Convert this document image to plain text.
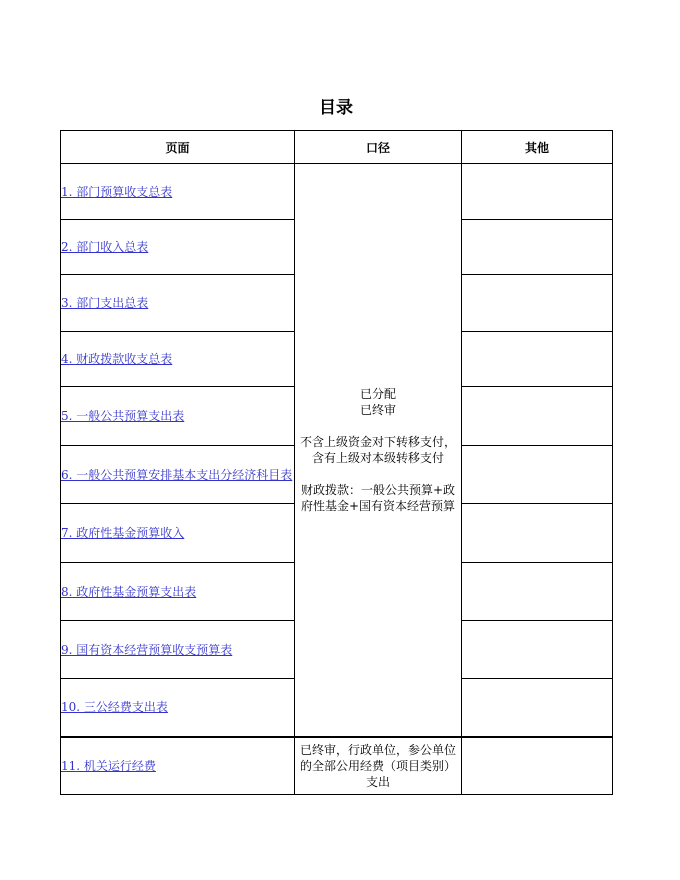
目录
页面	口径	其他
1. 部门预算收支总表	已分配
已终审
不含上级资金对下转移支付，含有上级对本级转移支付
财政拨款：一般公共预算+政府性基金+国有资本经营预算	

2. 部门收入总表		
3. 部门支出总表		
4. 财政拨款收支总表		
5. 一般公共预算支出表		
6. 一般公共预算安排基本支出分经济科目表		
7. 政府性基金预算收入		
8. 政府性基金预算支出表		
9. 国有资本经营预算收支预算表		
10. 三公经费支出表		
11. 机关运行经费	已终审，行政单位，参公单位的全部公用经费（项目类别）支出	
